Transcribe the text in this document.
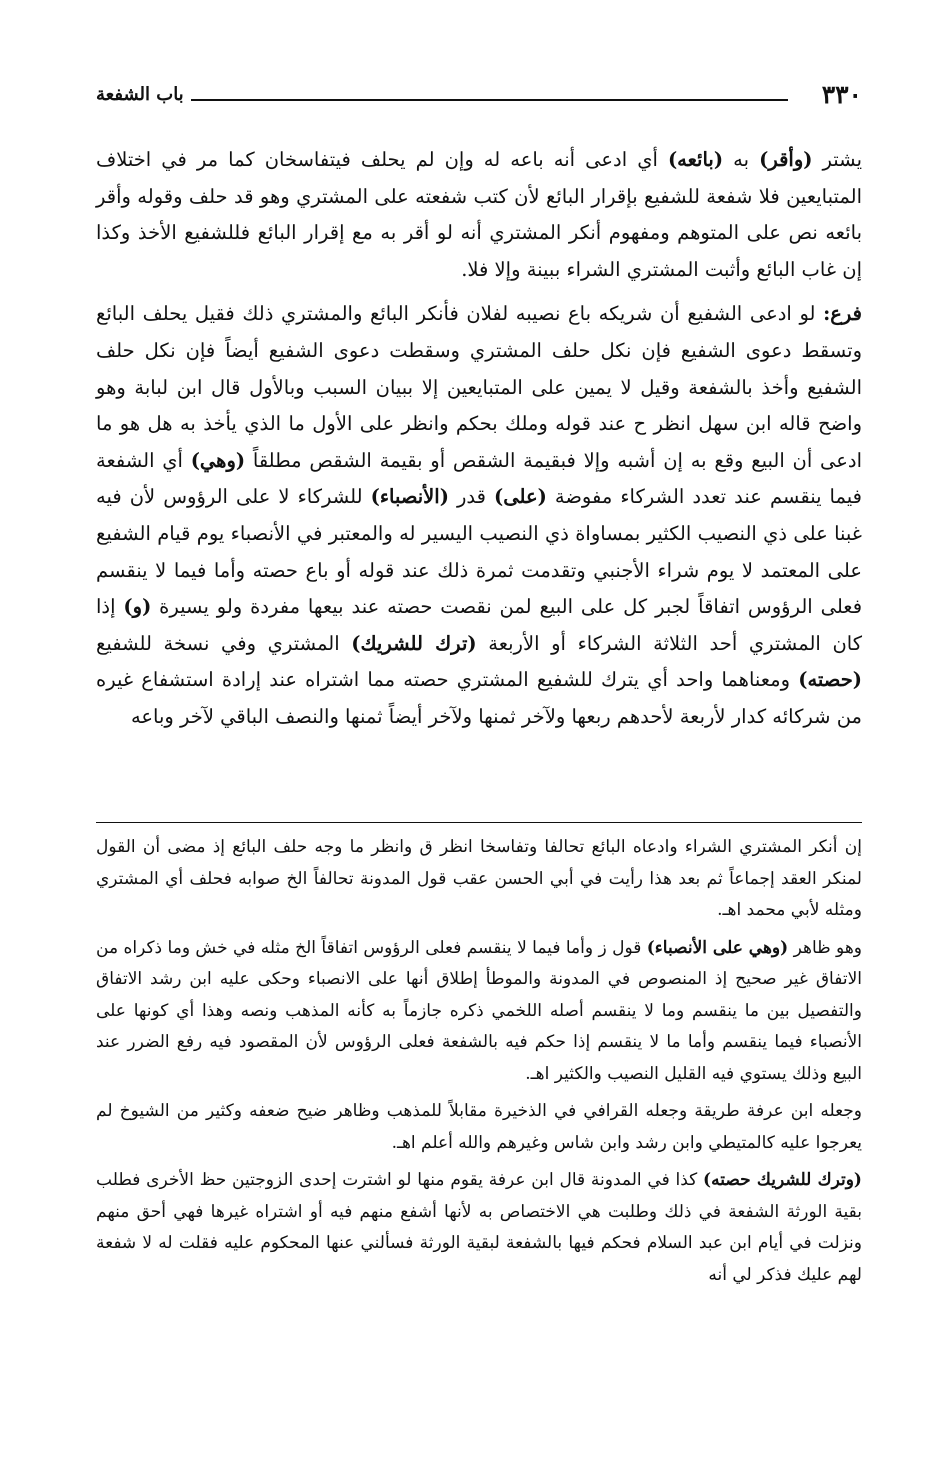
٣٣٠
باب الشفعة

يشتر (وأقر) به (بائعه) أي ادعى أنه باعه له وإن لم يحلف فيتفاسخان كما مر في اختلاف المتبايعين فلا شفعة للشفيع بإقرار البائع لأن كتب شفعته على المشتري وهو قد حلف وقوله وأقر بائعه نص على المتوهم ومفهوم أنكر المشتري أنه لو أقر به مع إقرار البائع فللشفيع الأخذ وكذا إن غاب البائع وأثبت المشتري الشراء ببينة وإلا فلا.

فرع: لو ادعى الشفيع أن شريكه باع نصيبه لفلان فأنكر البائع والمشتري ذلك فقيل يحلف البائع وتسقط دعوى الشفيع فإن نكل حلف المشتري وسقطت دعوى الشفيع أيضاً فإن نكل حلف الشفيع وأخذ بالشفعة وقيل لا يمين على المتبايعين إلا ببيان السبب وبالأول قال ابن لبابة وهو واضح قاله ابن سهل انظر ح عند قوله وملك بحكم وانظر على الأول ما الذي يأخذ به هل هو ما ادعى أن البيع وقع به إن أشبه وإلا فبقيمة الشقص أو بقيمة الشقص مطلقاً (وهي) أي الشفعة فيما ينقسم عند تعدد الشركاء مفوضة (على) قدر (الأنصباء) للشركاء لا على الرؤوس لأن فيه غبنا على ذي النصيب الكثير بمساواة ذي النصيب اليسير له والمعتبر في الأنصباء يوم قيام الشفيع على المعتمد لا يوم شراء الأجنبي وتقدمت ثمرة ذلك عند قوله أو باع حصته وأما فيما لا ينقسم فعلى الرؤوس اتفاقاً لجبر كل على البيع لمن نقصت حصته عند بيعها مفردة ولو يسيرة (و) إذا كان المشتري أحد الثلاثة الشركاء أو الأربعة (ترك للشريك) المشتري وفي نسخة للشفيع (حصته) ومعناهما واحد أي يترك للشفيع المشتري حصته مما اشتراه عند إرادة استشفاع غيره من شركائه كدار لأربعة لأحدهم ربعها ولآخر ثمنها ولآخر أيضاً ثمنها والنصف الباقي لآخر وباعه

إن أنكر المشتري الشراء وادعاه البائع تحالفا وتفاسخا انظر ق وانظر ما وجه حلف البائع إذ مضى أن القول لمنكر العقد إجماعاً ثم بعد هذا رأيت في أبي الحسن عقب قول المدونة تحالفاً الخ صوابه فحلف أي المشتري ومثله لأبي محمد اهـ.

وهو ظاهر (وهي على الأنصباء) قول ز وأما فيما لا ينقسم فعلى الرؤوس اتفاقاً الخ مثله في خش وما ذكراه من الاتفاق غير صحيح إذ المنصوص في المدونة والموطأ إطلاق أنها على الانصباء وحكى عليه ابن رشد الاتفاق والتفصيل بين ما ينقسم وما لا ينقسم أصله اللخمي ذكره جازماً به كأنه المذهب ونصه وهذا أي كونها على الأنصباء فيما ينقسم وأما ما لا ينقسم إذا حكم فيه بالشفعة فعلى الرؤوس لأن المقصود فيه رفع الضرر عند البيع وذلك يستوي فيه القليل النصيب والكثير اهـ.

وجعله ابن عرفة طريقة وجعله القرافي في الذخيرة مقابلاً للمذهب وظاهر ضيح ضعفه وكثير من الشيوخ لم يعرجوا عليه كالمتيطي وابن رشد وابن شاس وغيرهم والله أعلم اهـ.

(وترك للشريك حصته) كذا في المدونة قال ابن عرفة يقوم منها لو اشترت إحدى الزوجتين حظ الأخرى فطلب بقية الورثة الشفعة في ذلك وطلبت هي الاختصاص به لأنها أشفع منهم فيه أو اشتراه غيرها فهي أحق منهم ونزلت في أيام ابن عبد السلام فحكم فيها بالشفعة لبقية الورثة فسألني عنها المحكوم عليه فقلت له لا شفعة لهم عليك فذكر لي أنه
